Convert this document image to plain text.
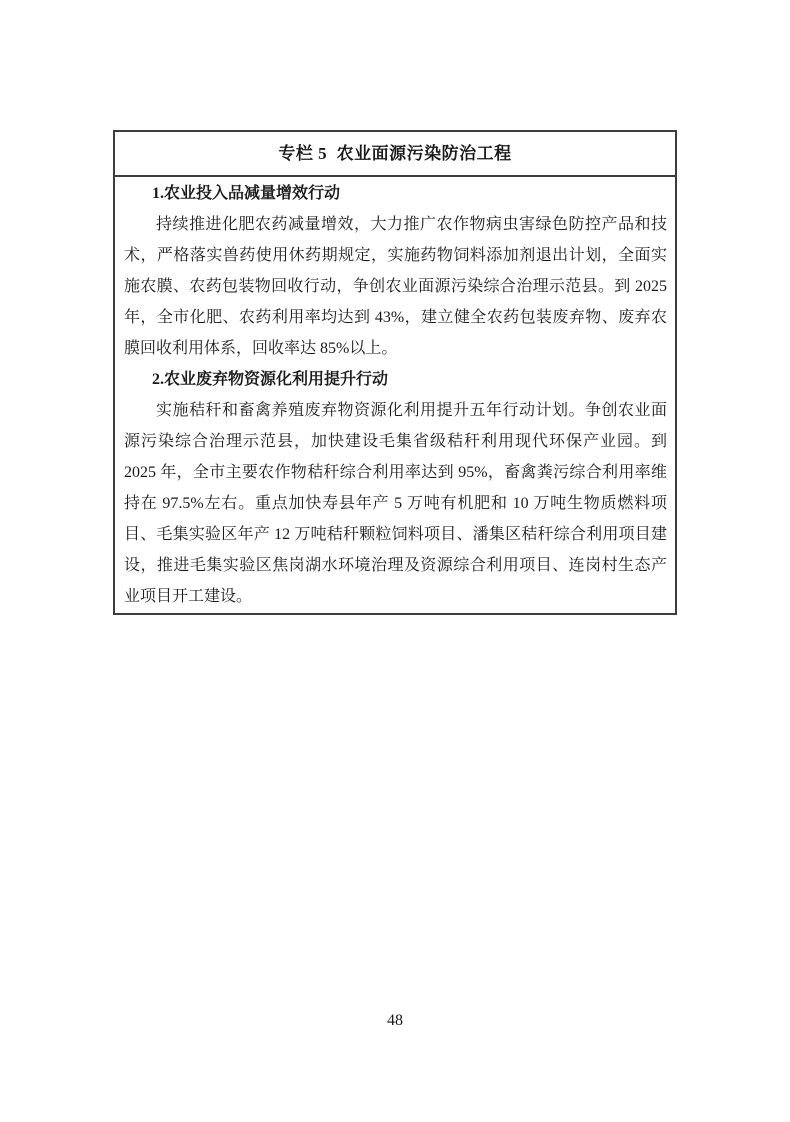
专栏 5  农业面源污染防治工程
1.农业投入品减量增效行动

持续推进化肥农药减量增效，大力推广农作物病虫害绿色防控产品和技术，严格落实兽药使用休药期规定，实施药物饲料添加剂退出计划，全面实施农膜、农药包装物回收行动，争创农业面源污染综合治理示范县。到 2025 年，全市化肥、农药利用率均达到 43%，建立健全农药包装废弃物、废弃农膜回收利用体系，回收率达 85%以上。

2.农业废弃物资源化利用提升行动

实施秸秆和畜禽养殖废弃物资源化利用提升五年行动计划。争创农业面源污染综合治理示范县，加快建设毛集省级秸秆利用现代环保产业园。到 2025 年，全市主要农作物秸秆综合利用率达到 95%，畜禽粪污综合利用率维持在 97.5%左右。重点加快寿县年产 5 万吨有机肥和 10 万吨生物质燃料项目、毛集实验区年产 12 万吨秸秆颗粒饲料项目、潘集区秸秆综合利用项目建设，推进毛集实验区焦岗湖水环境治理及资源综合利用项目、连岗村生态产业项目开工建设。

48
